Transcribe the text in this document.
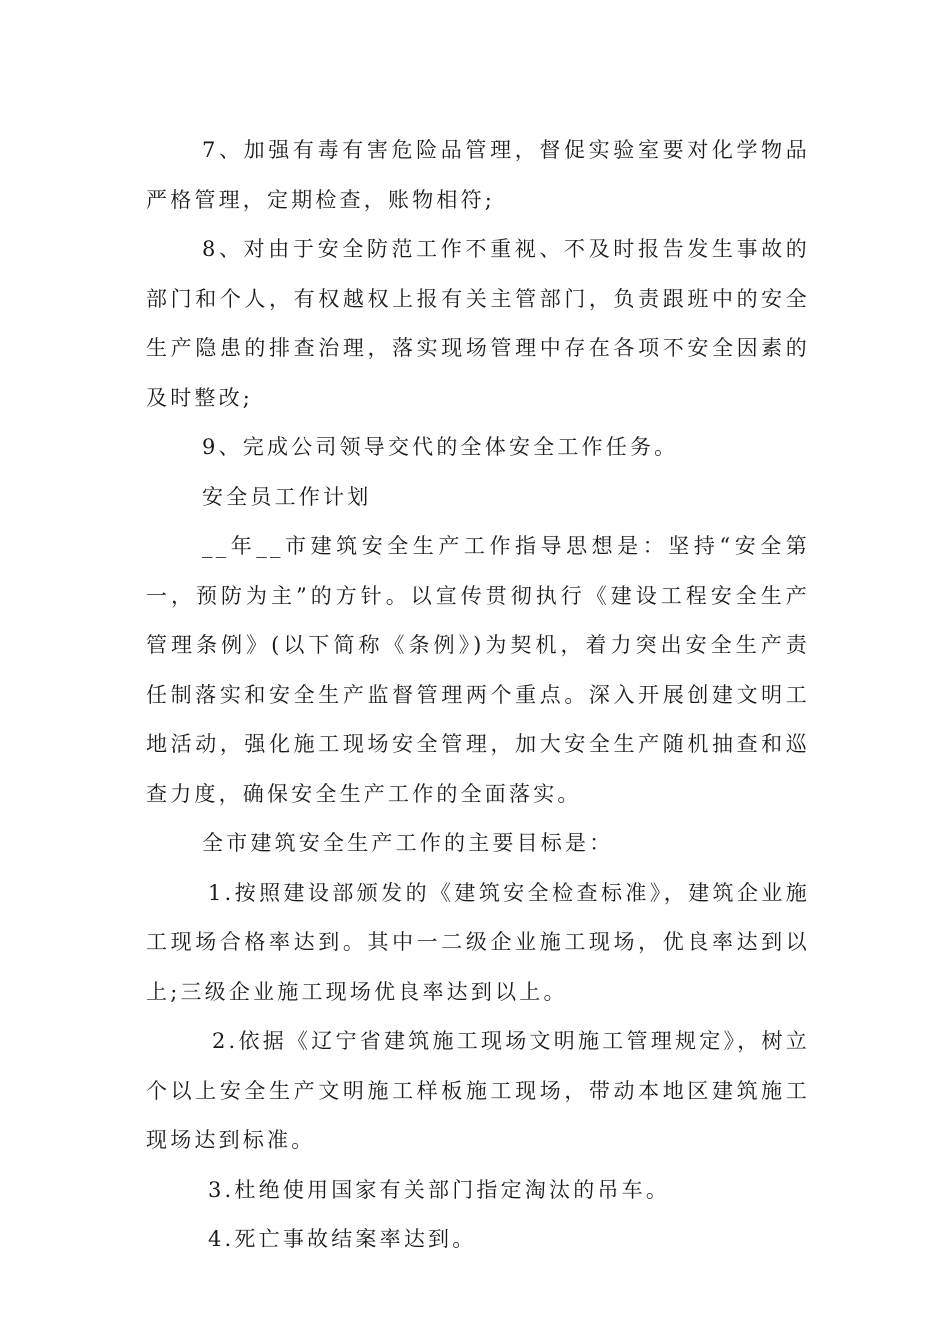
7、加强有毒有害危险品管理，督促实验室要对化学物品严格管理，定期检查，账物相符;

8、对由于安全防范工作不重视、不及时报告发生事故的部门和个人，有权越权上报有关主管部门，负责跟班中的安全生产隐患的排查治理，落实现场管理中存在各项不安全因素的及时整改;

9、完成公司领导交代的全体安全工作任务。

安全员工作计划

__年__市建筑安全生产工作指导思想是：坚持“安全第一，预防为主”的方针。以宣传贯彻执行《建设工程安全生产管理条例》(以下简称《条例》)为契机，着力突出安全生产责任制落实和安全生产监督管理两个重点。深入开展创建文明工地活动，强化施工现场安全管理，加大安全生产随机抽查和巡查力度，确保安全生产工作的全面落实。

全市建筑安全生产工作的主要目标是：

1.按照建设部颁发的《建筑安全检查标准》，建筑企业施工现场合格率达到。其中一二级企业施工现场，优良率达到以上;三级企业施工现场优良率达到以上。

2.依据《辽宁省建筑施工现场文明施工管理规定》，树立个以上安全生产文明施工样板施工现场，带动本地区建筑施工现场达到标准。

3.杜绝使用国家有关部门指定淘汰的吊车。

4.死亡事故结案率达到。
